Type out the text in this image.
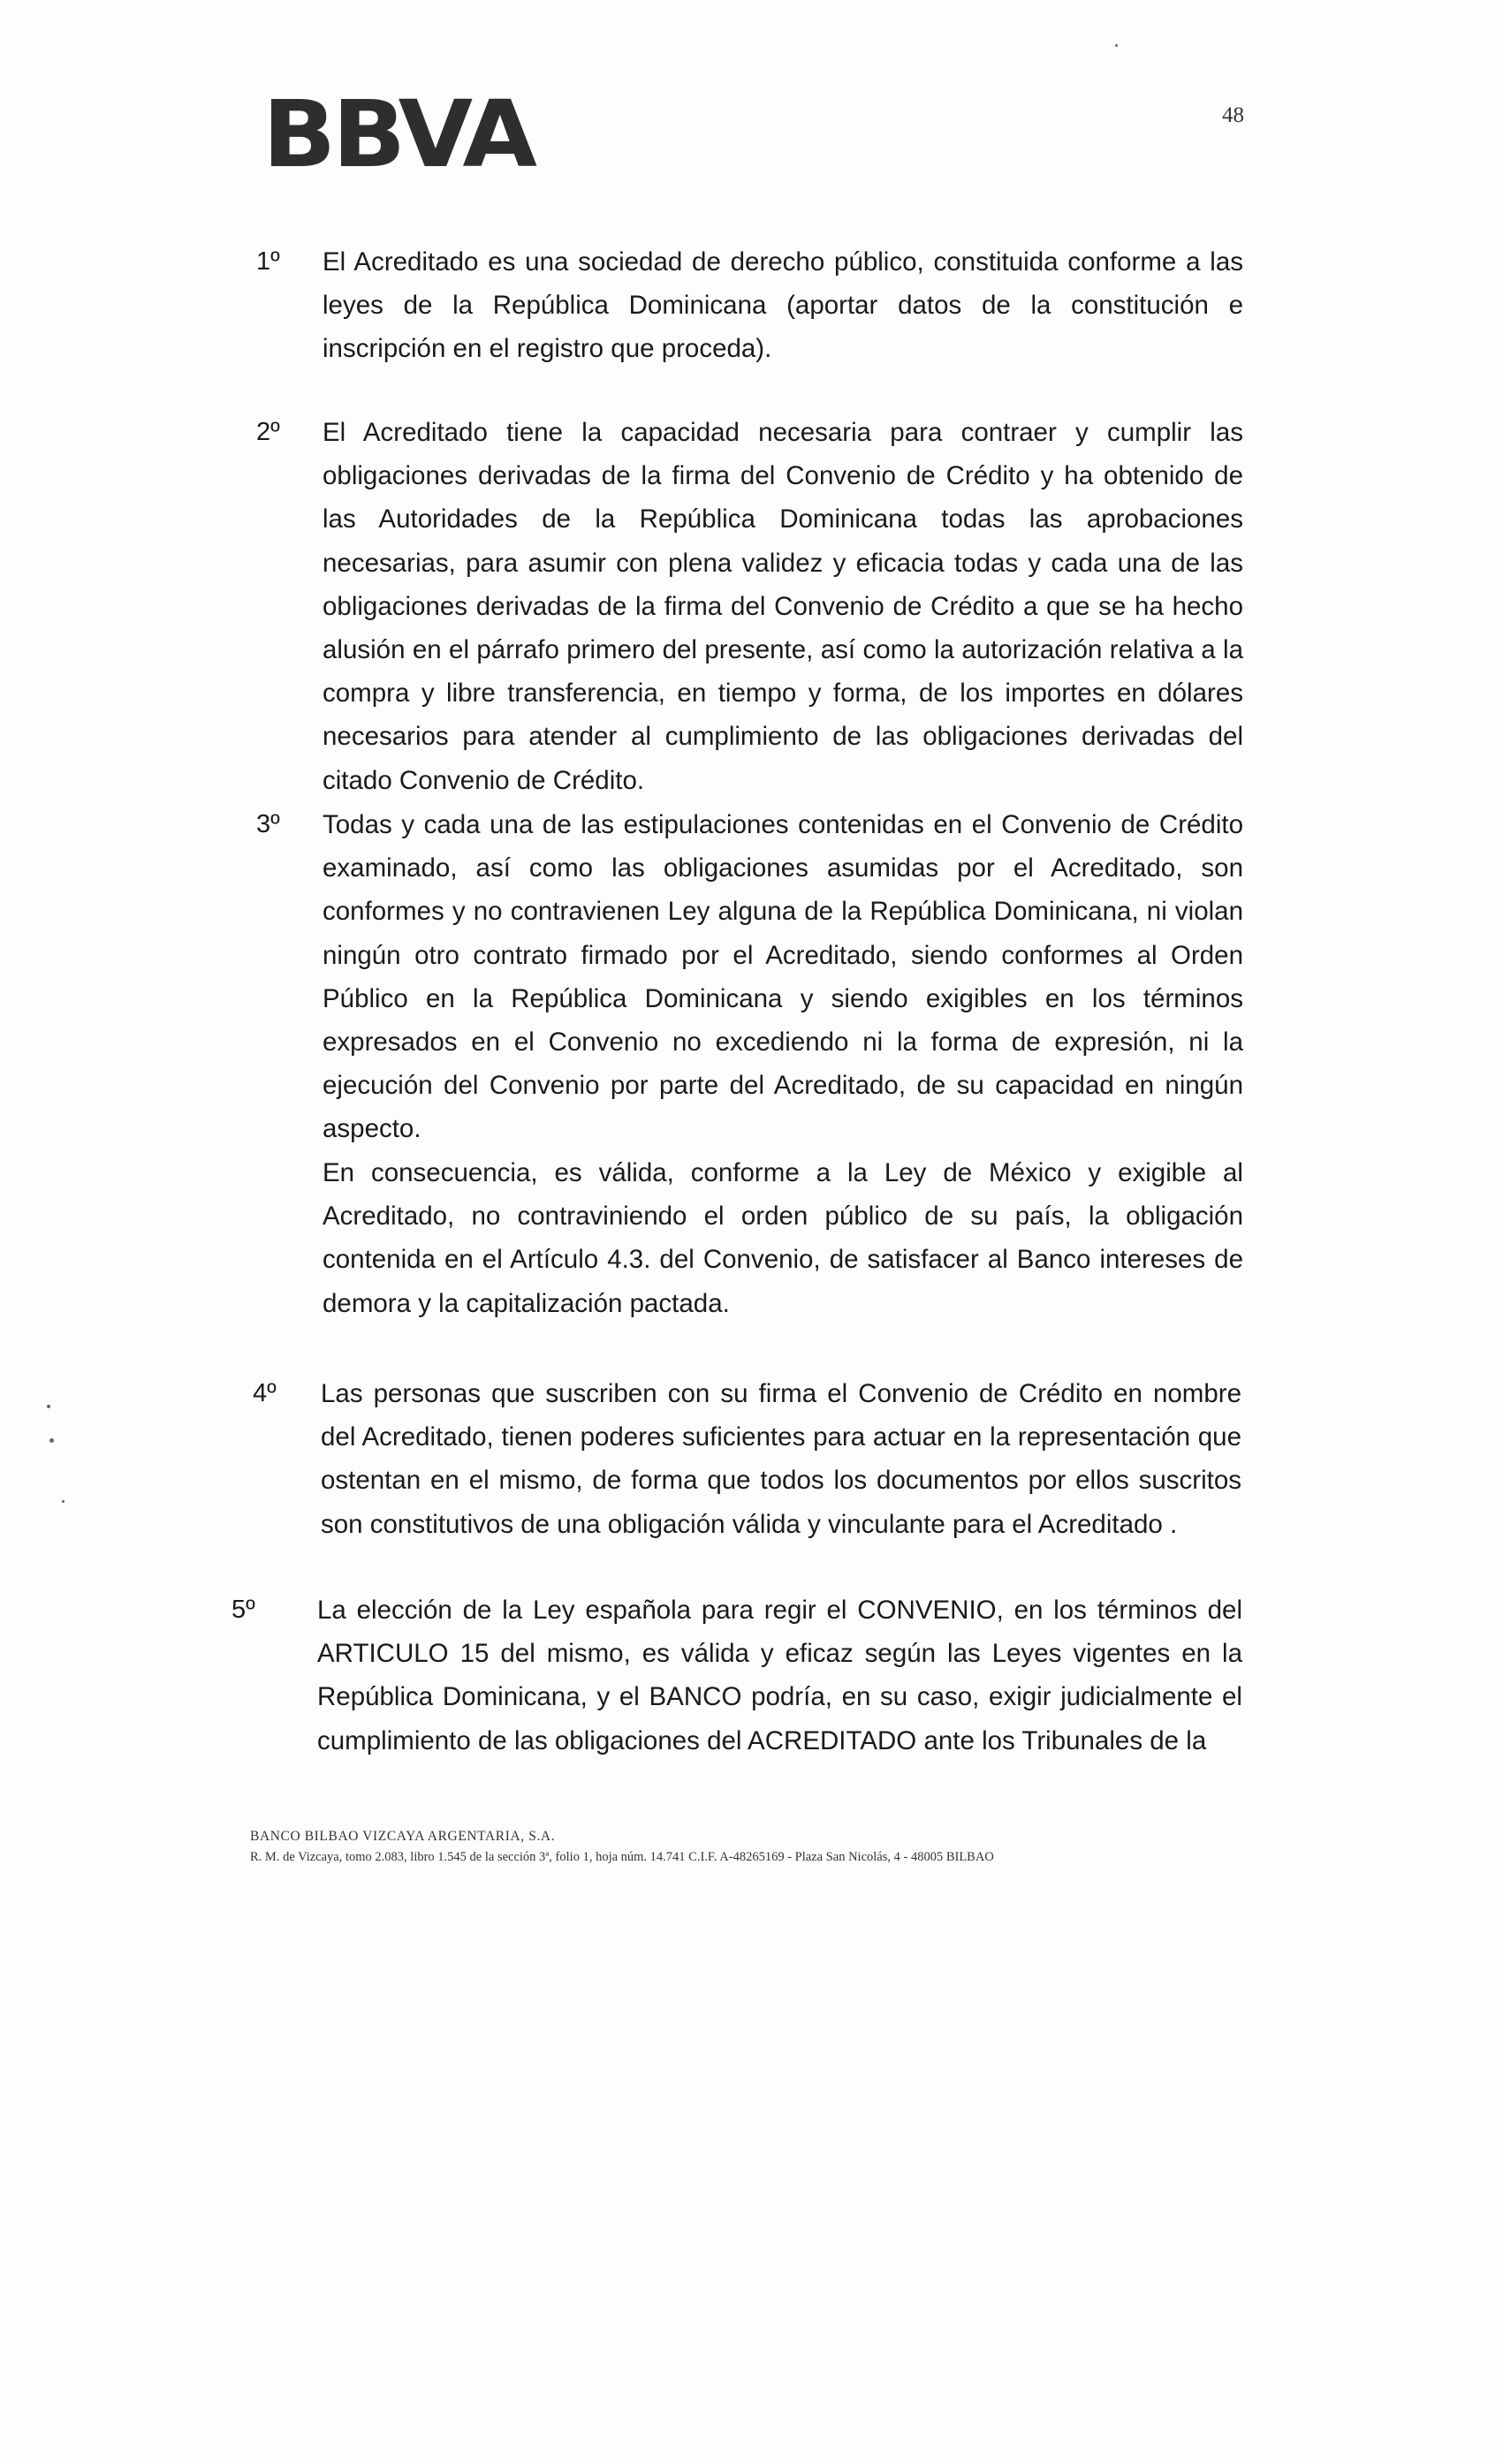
BBVA	48
1º El Acreditado es una sociedad de derecho público, constituida conforme a las leyes de la República Dominicana (aportar datos de la constitución e inscripción en el registro que proceda).

2º El Acreditado tiene la capacidad necesaria para contraer y cumplir las obligaciones derivadas de la firma del Convenio de Crédito y ha obtenido de las Autoridades de la República Dominicana todas las aprobaciones necesarias, para asumir con plena validez y eficacia todas y cada una de las obligaciones derivadas de la firma del Convenio de Crédito a que se ha hecho alusión en el párrafo primero del presente, así como la autorización relativa a la compra y libre transferencia, en tiempo y forma, de los importes en dólares necesarios para atender al cumplimiento de las obligaciones derivadas del citado Convenio de Crédito.

3º Todas y cada una de las estipulaciones contenidas en el Convenio de Crédito examinado, así como las obligaciones asumidas por el Acreditado, son conformes y no contravienen Ley alguna de la República Dominicana, ni violan ningún otro contrato firmado por el Acreditado, siendo conformes al Orden Público en la República Dominicana y siendo exigibles en los términos expresados en el Convenio no excediendo ni la forma de expresión, ni la ejecución del Convenio por parte del Acreditado, de su capacidad en ningún aspecto.

En consecuencia, es válida, conforme a la Ley de México y exigible al Acreditado, no contraviniendo el orden público de su país, la obligación contenida en el Artículo 4.3. del Convenio, de satisfacer al Banco intereses de demora y la capitalización pactada.

4º Las personas que suscriben con su firma el Convenio de Crédito en nombre del Acreditado, tienen poderes suficientes para actuar en la representación que ostentan en el mismo, de forma que todos los documentos por ellos suscritos son constitutivos de una obligación válida y vinculante para el Acreditado .

5º La elección de la Ley española para regir el CONVENIO, en los términos del ARTICULO 15 del mismo, es válida y eficaz según las Leyes vigentes en la República Dominicana, y el BANCO podría, en su caso, exigir judicialmente el cumplimiento de las obligaciones del ACREDITADO ante los Tribunales de la

BANCO BILBAO VIZCAYA ARGENTARIA, S.A.
R. M. de Vizcaya, tomo 2.083, libro 1.545 de la sección 3ª, folio 1, hoja núm. 14.741 C.I.F. A-48265169 - Plaza San Nicolás, 4 - 48005 BILBAO
